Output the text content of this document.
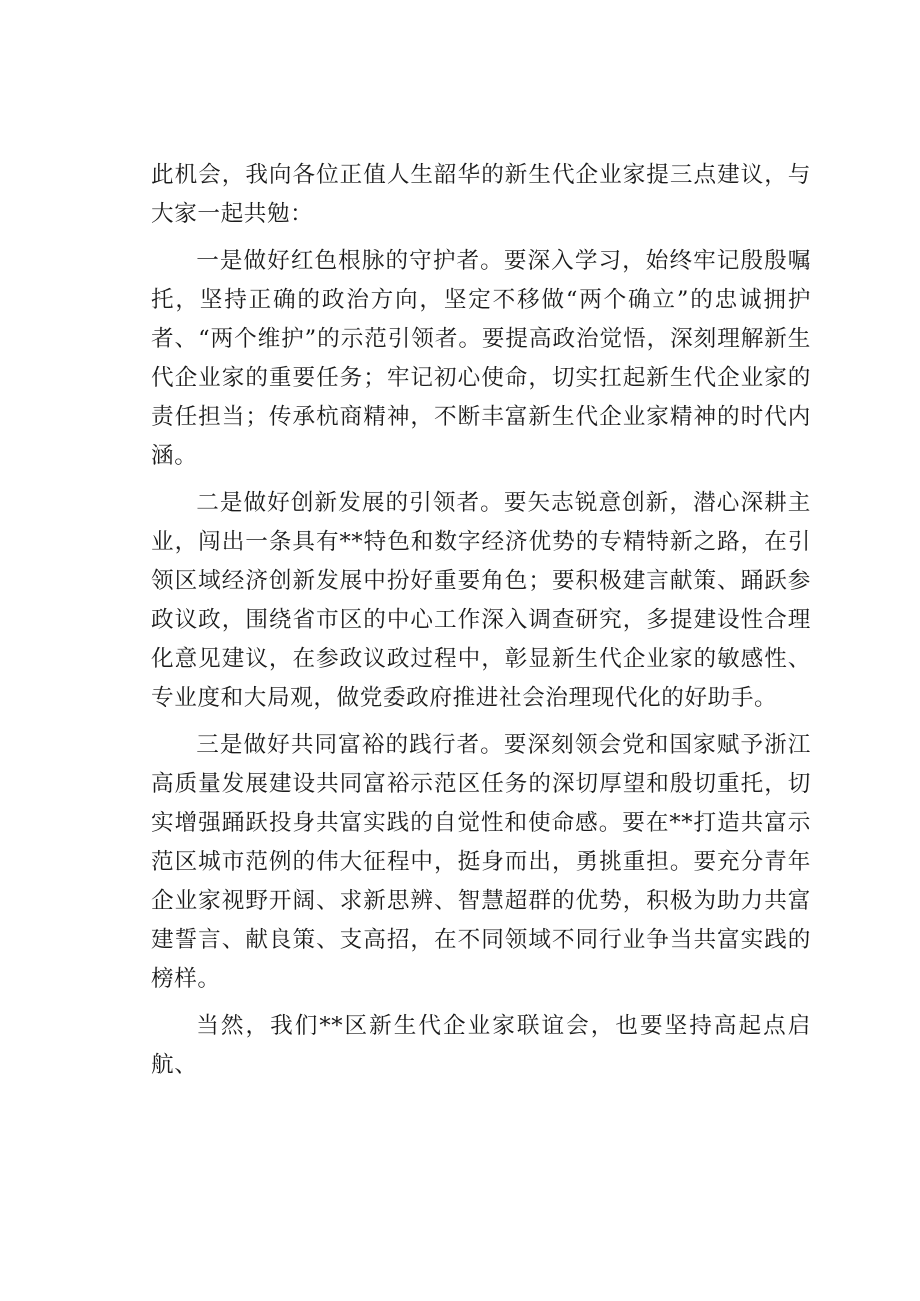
此机会，我向各位正值人生韶华的新生代企业家提三点建议，与大家一起共勉：

一是做好红色根脉的守护者。要深入学习，始终牢记殷殷嘱托，坚持正确的政治方向，坚定不移做“两个确立”的忠诚拥护者、“两个维护”的示范引领者。要提高政治觉悟，深刻理解新生代企业家的重要任务；牢记初心使命，切实扛起新生代企业家的责任担当；传承杭商精神，不断丰富新生代企业家精神的时代内涵。

二是做好创新发展的引领者。要矢志锐意创新，潜心深耕主业，闯出一条具有**特色和数字经济优势的专精特新之路，在引领区域经济创新发展中扮好重要角色；要积极建言献策、踊跃参政议政，围绕省市区的中心工作深入调查研究，多提建设性合理化意见建议，在参政议政过程中，彰显新生代企业家的敏感性、专业度和大局观，做党委政府推进社会治理现代化的好助手。

三是做好共同富裕的践行者。要深刻领会党和国家赋予浙江高质量发展建设共同富裕示范区任务的深切厚望和殷切重托，切实增强踊跃投身共富实践的自觉性和使命感。要在**打造共富示范区城市范例的伟大征程中，挺身而出，勇挑重担。要充分青年企业家视野开阔、求新思辨、智慧超群的优势，积极为助力共富建誓言、献良策、支高招，在不同领域不同行业争当共富实践的榜样。

当然，我们**区新生代企业家联谊会，也要坚持高起点启航、
